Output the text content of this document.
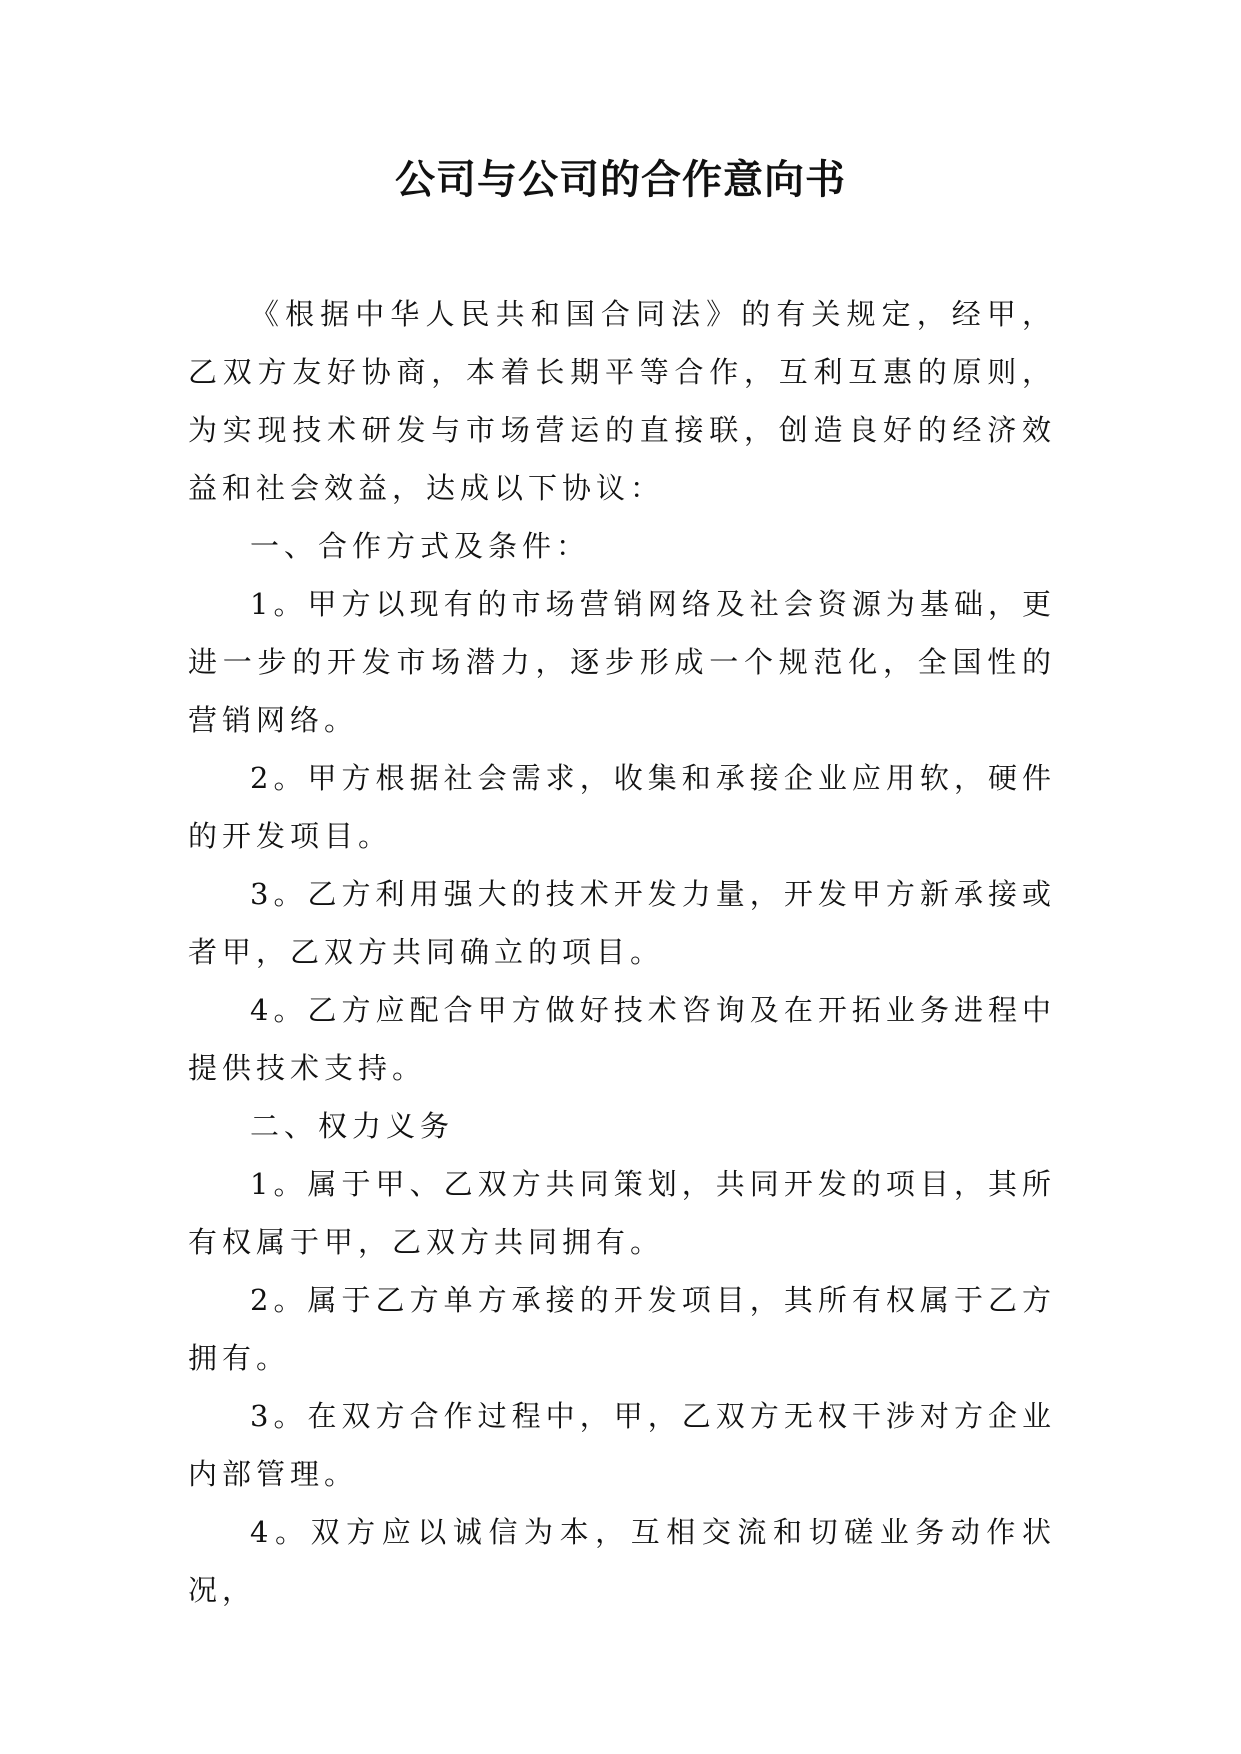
公司与公司的合作意向书

《根据中华人民共和国合同法》的有关规定，经甲，乙双方友好协商，本着长期平等合作，互利互惠的原则，为实现技术研发与市场营运的直接联，创造良好的经济效益和社会效益，达成以下协议：

一、合作方式及条件：

1。甲方以现有的市场营销网络及社会资源为基础，更进一步的开发市场潜力，逐步形成一个规范化，全国性的营销网络。

2。甲方根据社会需求，收集和承接企业应用软，硬件的开发项目。

3。乙方利用强大的技术开发力量，开发甲方新承接或者甲，乙双方共同确立的项目。

4。乙方应配合甲方做好技术咨询及在开拓业务进程中提供技术支持。

二、权力义务

1。属于甲、乙双方共同策划，共同开发的项目，其所有权属于甲，乙双方共同拥有。

2。属于乙方单方承接的开发项目，其所有权属于乙方拥有。

3。在双方合作过程中，甲，乙双方无权干涉对方企业内部管理。

4。双方应以诚信为本，互相交流和切磋业务动作状况，
